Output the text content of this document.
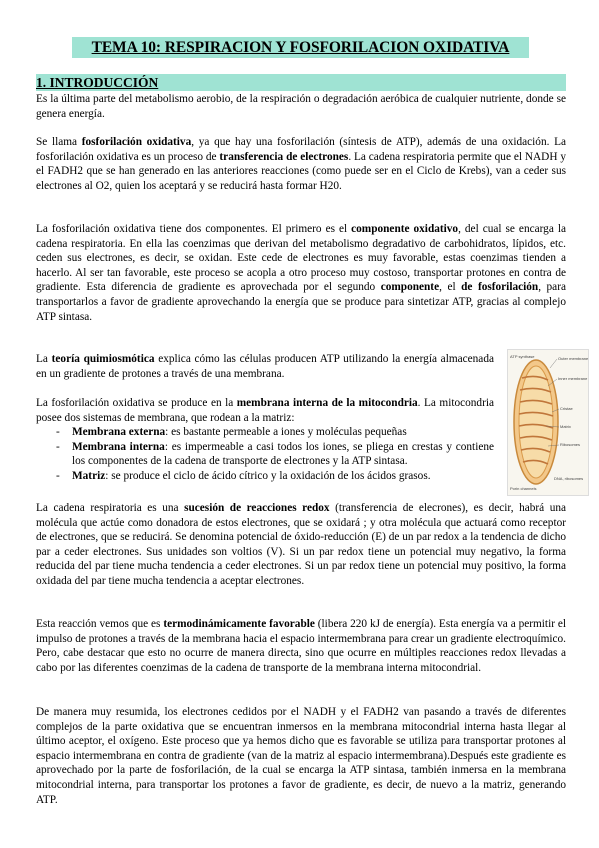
TEMA 10: RESPIRACION Y FOSFORILACION OXIDATIVA
1. INTRODUCCIÓN

Es la última parte del metabolismo aerobio, de la respiración o degradación aeróbica de cualquier nutriente, donde se genera energía.

Se llama fosforilación oxidativa, ya que hay una fosforilación (síntesis de ATP), además de una oxidación. La fosforilación oxidativa es un proceso de transferencia de electrones. La cadena respiratoria permite que el NADH y el FADH2 que se han generado en las anteriores reacciones (como puede ser en el Ciclo de Krebs), van a ceder sus electrones al O2, quien los aceptará y se reducirá hasta formar H20.

La fosforilación oxidativa tiene dos componentes. El primero es el componente oxidativo, del cual se encarga la cadena respiratoria. En ella las coenzimas que derivan del metabolismo degradativo de carbohidratos, lípidos, etc. ceden sus electrones, es decir, se oxidan. Este cede de electrones es muy favorable, estas coenzimas tienden a hacerlo. Al ser tan favorable, este proceso se acopla a otro proceso muy costoso, transportar protones en contra de gradiente. Esta diferencia de gradiente es aprovechada por el segundo componente, el de fosforilación, para transportarlos a favor de gradiente aprovechando la energía que se produce para sintetizar ATP, gracias al complejo ATP sintasa.

La teoría quimiosmótica explica cómo las células producen ATP utilizando la energía almacenada en un gradiente de protones a través de una membrana.

La fosforilación oxidativa se produce en la membrana interna de la mitocondria. La mitocondria posee dos sistemas de membrana, que rodean a la matriz:

- Membrana externa: es bastante permeable a iones y moléculas pequeñas
- Membrana interna: es impermeable a casi todos los iones, se pliega en crestas y contiene los componentes de la cadena de transporte de electrones y la ATP sintasa.
- Matriz: se produce el ciclo de ácido cítrico y la oxidación de los ácidos grasos.

La cadena respiratoria es una sucesión de reacciones redox (transferencia de elecrones), es decir, habrá una molécula que actúe como donadora de estos electrones, que se oxidará ; y otra molécula que actuará como receptor de electrones, que se reducirá. Se denomina potencial de óxido-reducción (E) de un par redox a la tendencia de dicho par a ceder electrones. Sus unidades son voltios (V). Si un par redox tiene un potencial muy negativo, la forma reducida del par tiene mucha tendencia a ceder electrones. Si un par redox tiene un potencial muy positivo, la forma oxidada del par tiene mucha tendencia a aceptar electrones.

Esta reacción vemos que es termodinámicamente favorable (libera 220 kJ de energía). Esta energía va a permitir el impulso de protones a través de la membrana hacia el espacio intermembrana para crear un gradiente electroquímico. Pero, cabe destacar que esto no ocurre de manera directa, sino que ocurre en múltiples reacciones redox llevadas a cabo por las diferentes coenzimas de la cadena de transporte de la membrana interna mitocondrial.

De manera muy resumida, los electrones cedidos por el NADH y el FADH2 van pasando a través de diferentes complejos de la parte oxidativa que se encuentran inmersos en la membrana mitocondrial interna hasta llegar al último aceptor, el oxígeno. Este proceso que ya hemos dicho que es favorable se utiliza para transportar protones al espacio intermembrana en contra de gradiente (van de la matriz al espacio intermembrana).Después este gradiente es aprovechado por la parte de fosforilación, de la cual se encarga la ATP sintasa, también inmersa en la membrana mitocondrial interna, para transportar los protones a favor de gradiente, es decir, de nuevo a la matriz, generando ATP.

ATP synthase	Outer membrane
Inner membrane
Cristae
Matrix
Ribosomes
Porin channels
DNA, ribosomes
